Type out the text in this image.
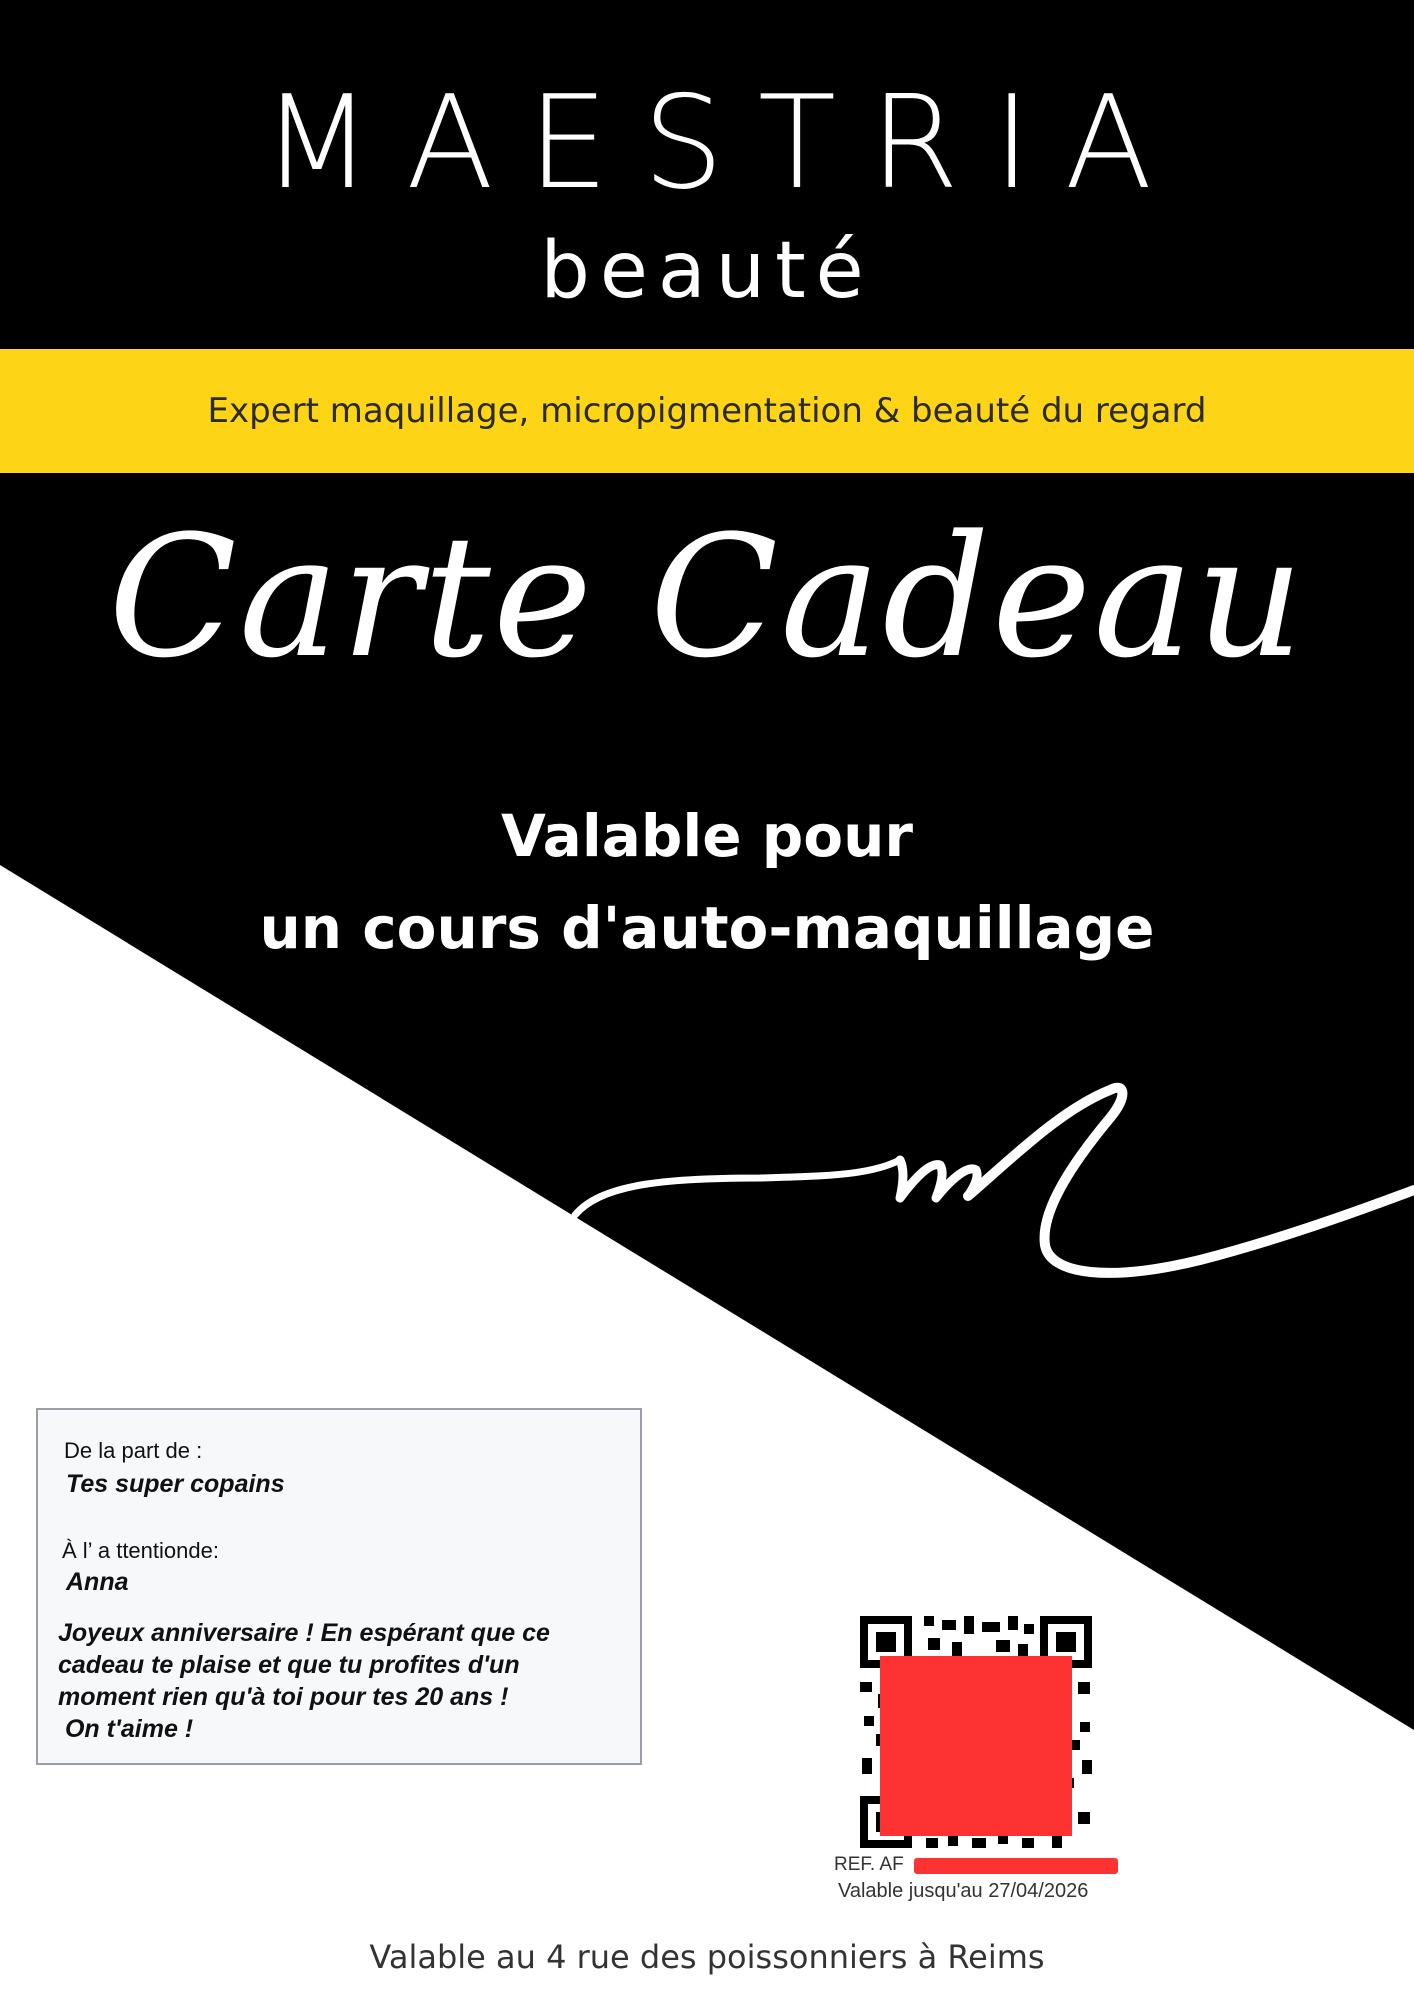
MAESTRIA
beauté
Expert maquillage, micropigmentation & beauté du regard
Carte Cadeau
Valable pour
un cours d'auto-maquillage
De la part de :
Tes super copains
À l’ a ttentionde:
Anna
Joyeux anniversaire ! En espérant que ce
cadeau te plaise et que tu profites d'un
moment rien qu'à toi pour tes 20 ans !
On t'aime !
REF. AF
Valable jusqu'au 27/04/2026
Valable au 4 rue des poissonniers à Reims
